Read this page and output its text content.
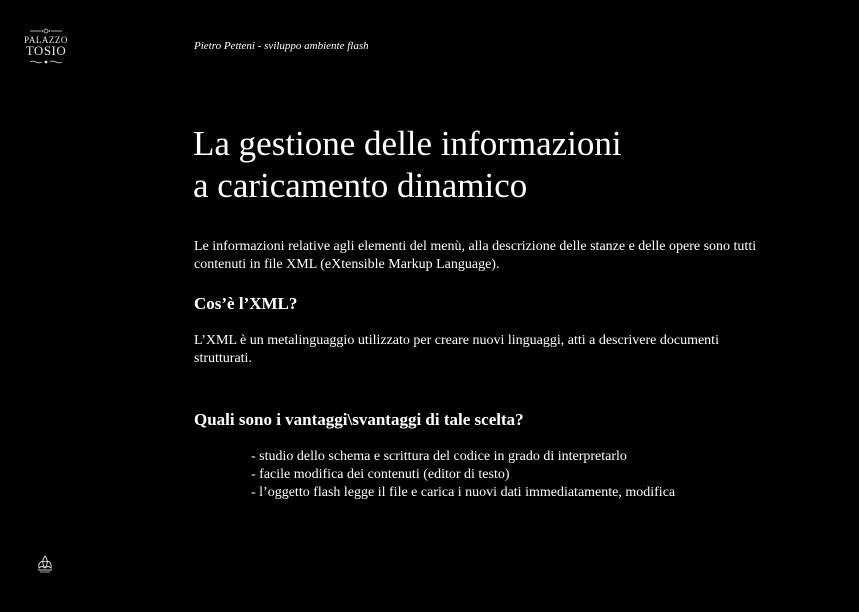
PALAZZO
TOSIO	Pietro Petteni - sviluppo ambiente flash
La gestione delle informazioni
a caricamento dinamico

Le informazioni relative agli elementi del menù, alla descrizione delle stanze e delle opere sono tutti contenuti in file XML (eXtensible Markup Language).

Cos’è l’XML?

L’XML è un metalinguaggio utilizzato per creare nuovi linguaggi, atti a descrivere documenti strutturati.

Quali sono i vantaggi\svantaggi di tale scelta?
- studio dello schema e scrittura del codice in grado di interpretarlo
- facile modifica dei contenuti (editor di testo)
- l’oggetto flash legge il file e carica i nuovi dati immediatamente, modifica
